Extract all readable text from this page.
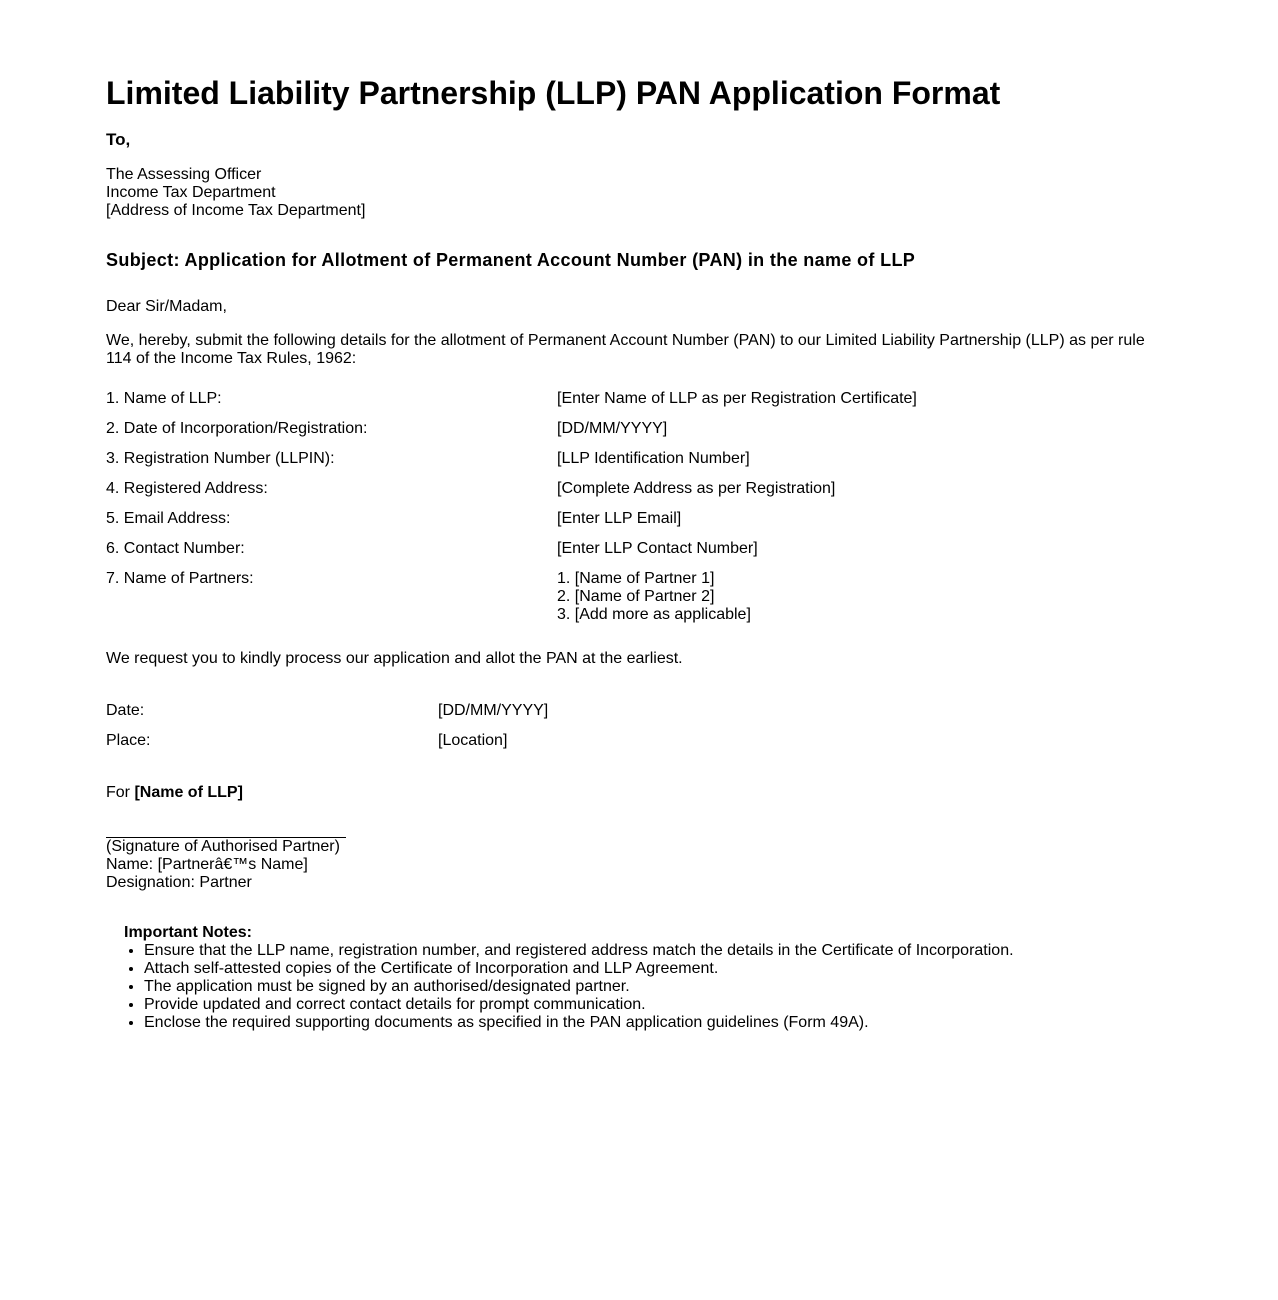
Limited Liability Partnership (LLP) PAN Application Format
To,
The Assessing Officer
Income Tax Department
[Address of Income Tax Department]
Subject: Application for Allotment of Permanent Account Number (PAN) in the name of LLP
Dear Sir/Madam,
We, hereby, submit the following details for the allotment of Permanent Account Number (PAN) to our Limited Liability Partnership (LLP) as per rule 114 of the Income Tax Rules, 1962:
1. Name of LLP:	[Enter Name of LLP as per Registration Certificate]
2. Date of Incorporation/Registration:	[DD/MM/YYYY]
3. Registration Number (LLPIN):	[LLP Identification Number]
4. Registered Address:	[Complete Address as per Registration]
5. Email Address:	[Enter LLP Email]
6. Contact Number:	[Enter LLP Contact Number]
7. Name of Partners:	1. [Name of Partner 1]
2. [Name of Partner 2]
3. [Add more as applicable]
We request you to kindly process our application and allot the PAN at the earliest.
Date:	[DD/MM/YYYY]
Place:	[Location]
For [Name of LLP]
(Signature of Authorised Partner)
Name: [Partnerâ€™s Name]
Designation: Partner
Important Notes:
• Ensure that the LLP name, registration number, and registered address match the details in the Certificate of Incorporation.
• Attach self-attested copies of the Certificate of Incorporation and LLP Agreement.
• The application must be signed by an authorised/designated partner.
• Provide updated and correct contact details for prompt communication.
• Enclose the required supporting documents as specified in the PAN application guidelines (Form 49A).
